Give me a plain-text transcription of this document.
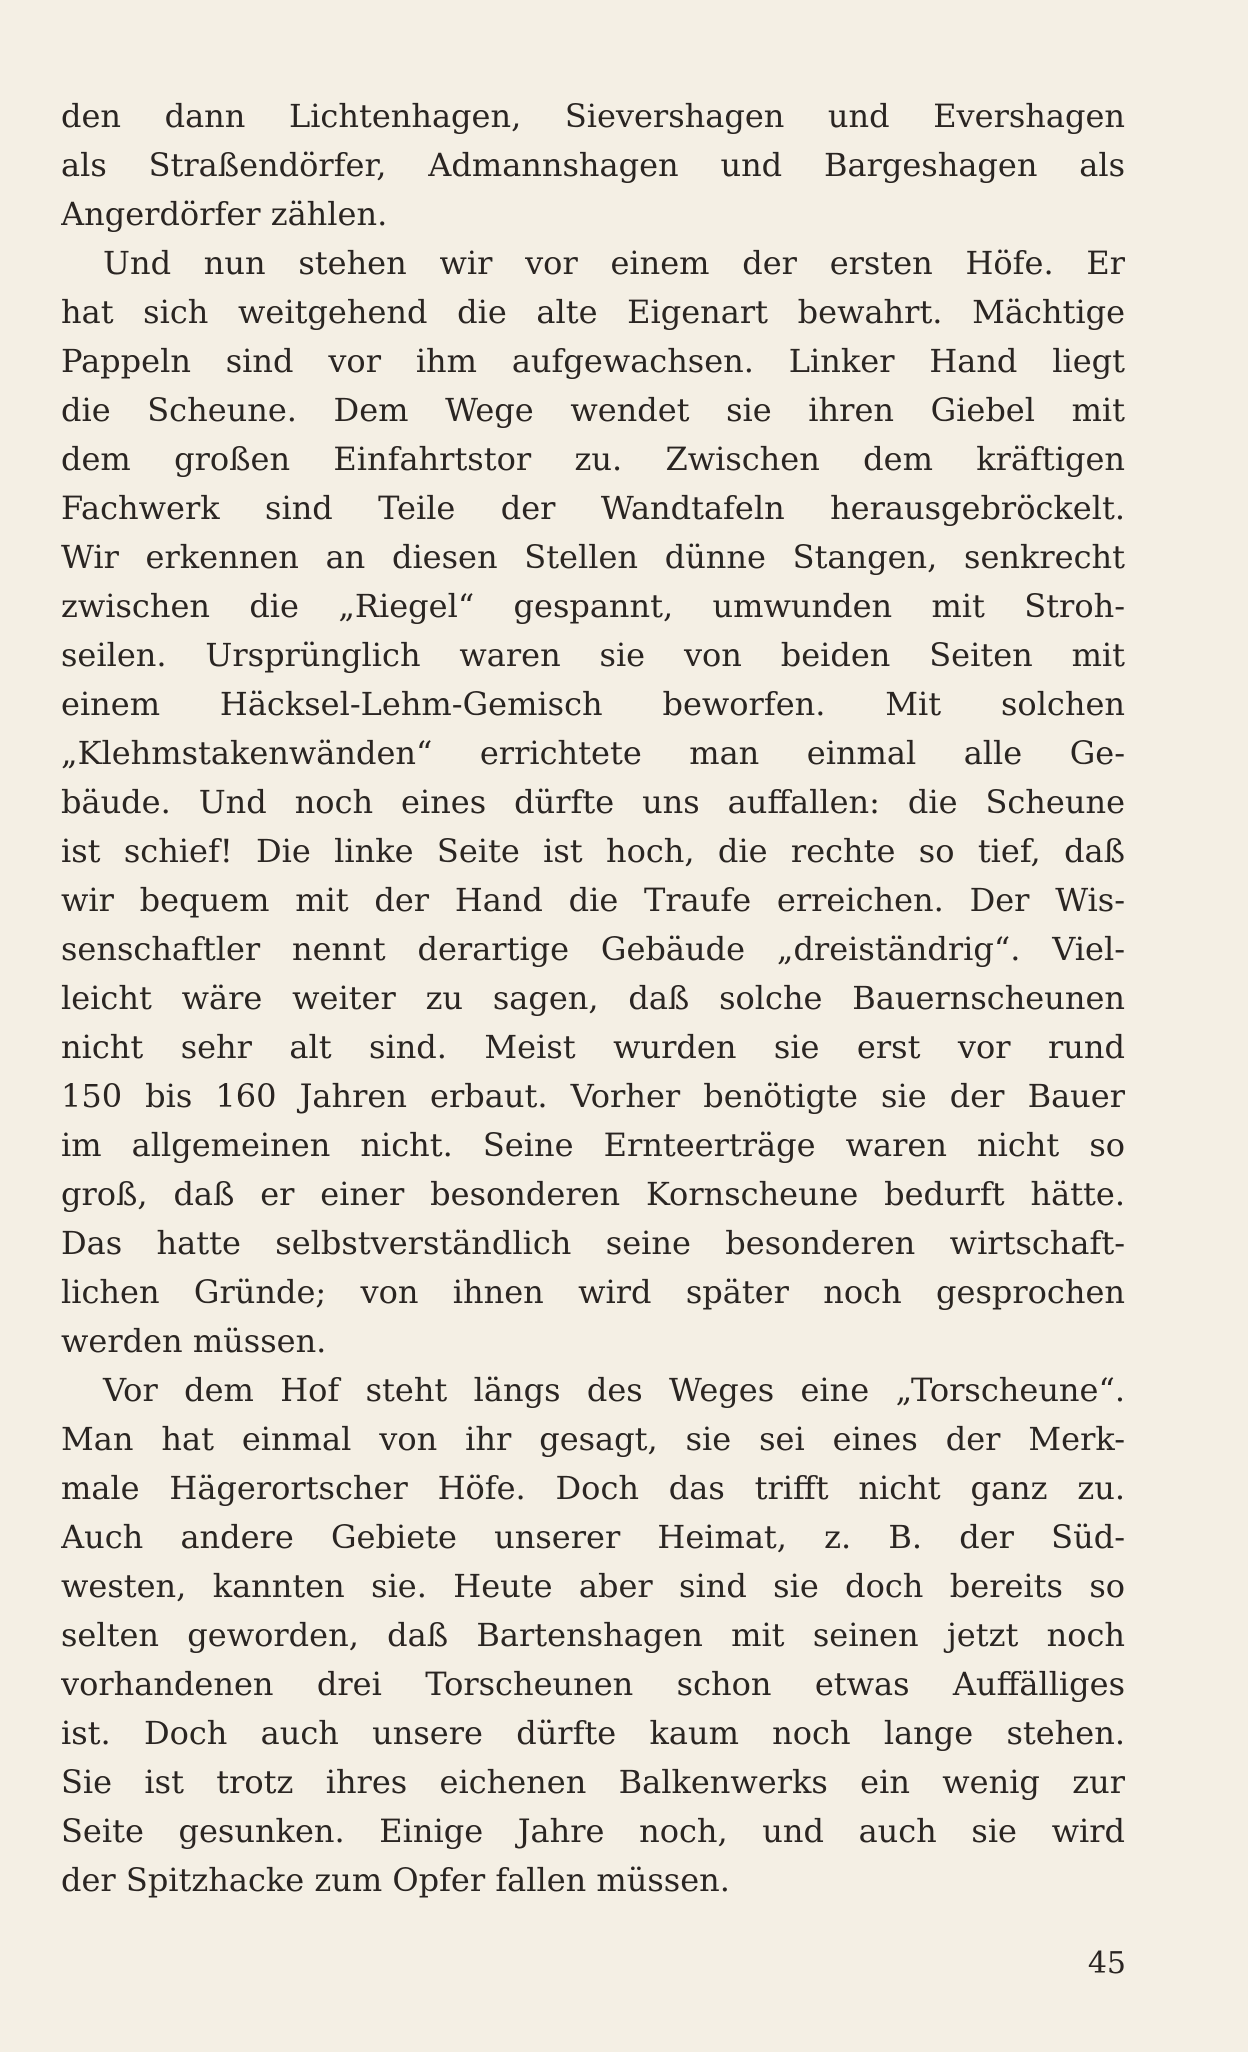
den dann Lichtenhagen, Sievershagen und Evershagen
als Straßendörfer, Admannshagen und Bargeshagen als
Angerdörfer zählen.
Und nun stehen wir vor einem der ersten Höfe. Er
hat sich weitgehend die alte Eigenart bewahrt. Mächtige
Pappeln sind vor ihm aufgewachsen. Linker Hand liegt
die Scheune. Dem Wege wendet sie ihren Giebel mit
dem großen Einfahrtstor zu. Zwischen dem kräftigen
Fachwerk sind Teile der Wandtafeln herausgebröckelt.
Wir erkennen an diesen Stellen dünne Stangen, senkrecht
zwischen die „Riegel“ gespannt, umwunden mit Stroh-
seilen. Ursprünglich waren sie von beiden Seiten mit
einem Häcksel-Lehm-Gemisch beworfen. Mit solchen
„Klehmstakenwänden“ errichtete man einmal alle Ge-
bäude. Und noch eines dürfte uns auffallen: die Scheune
ist schief! Die linke Seite ist hoch, die rechte so tief, daß
wir bequem mit der Hand die Traufe erreichen. Der Wis-
senschaftler nennt derartige Gebäude „dreiständrig“. Viel-
leicht wäre weiter zu sagen, daß solche Bauernscheunen
nicht sehr alt sind. Meist wurden sie erst vor rund
150 bis 160 Jahren erbaut. Vorher benötigte sie der Bauer
im allgemeinen nicht. Seine Ernteerträge waren nicht so
groß, daß er einer besonderen Kornscheune bedurft hätte.
Das hatte selbstverständlich seine besonderen wirtschaft-
lichen Gründe; von ihnen wird später noch gesprochen
werden müssen.
Vor dem Hof steht längs des Weges eine „Torscheune“.
Man hat einmal von ihr gesagt, sie sei eines der Merk-
male Hägerortscher Höfe. Doch das trifft nicht ganz zu.
Auch andere Gebiete unserer Heimat, z. B. der Süd-
westen, kannten sie. Heute aber sind sie doch bereits so
selten geworden, daß Bartenshagen mit seinen jetzt noch
vorhandenen drei Torscheunen schon etwas Auffälliges
ist. Doch auch unsere dürfte kaum noch lange stehen.
Sie ist trotz ihres eichenen Balkenwerks ein wenig zur
Seite gesunken. Einige Jahre noch, und auch sie wird
der Spitzhacke zum Opfer fallen müssen.
45
